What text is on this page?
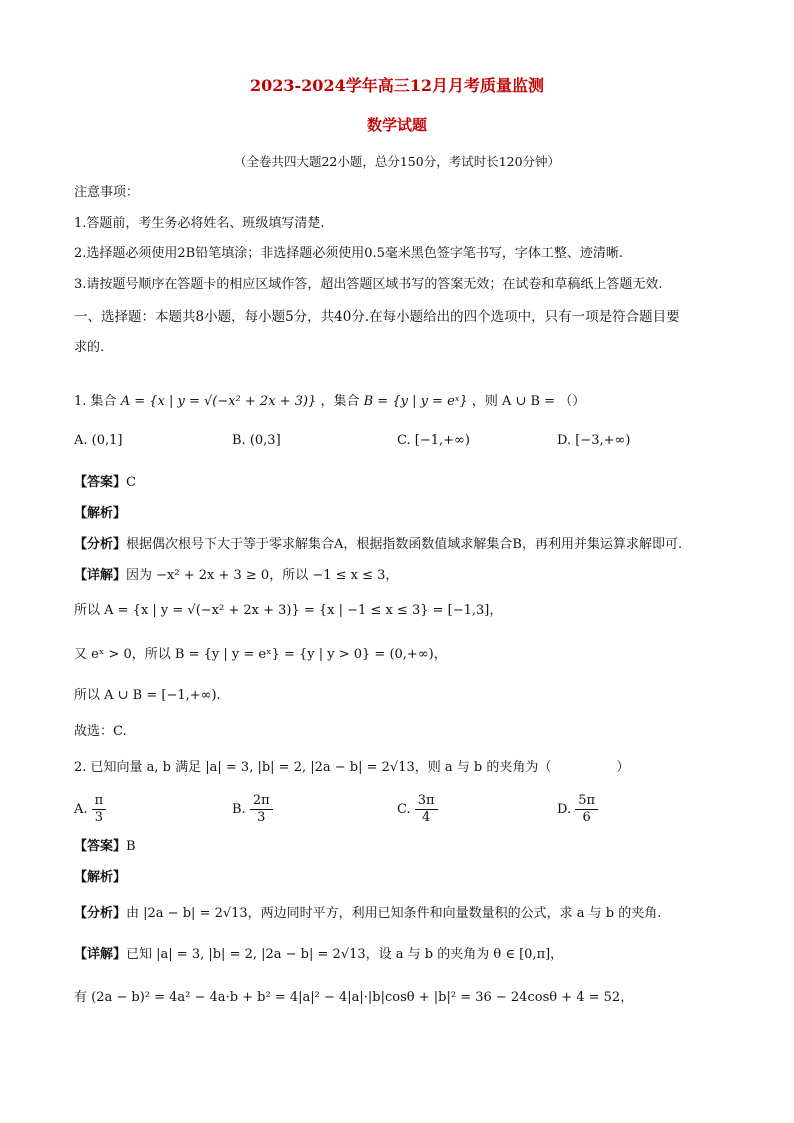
2023-2024学年高三12月月考质量监测
数学试题
（全卷共四大题22小题，总分150分，考试时长120分钟）
注意事项：
1.答题前，考生务必将姓名、班级填写清楚.
2.选择题必须使用2B铅笔填涂；非选择题必须使用0.5毫米黑色签字笔书写，字体工整、迹清晰.
3.请按题号顺序在答题卡的相应区域作答，超出答题区域书写的答案无效；在试卷和草稿纸上答题无效.
一、选择题：本题共8小题，每小题5分，共40分.在每小题给出的四个选项中，只有一项是符合题目要
求的.
1. 集合 A = {x | y = √(−x² + 2x + 3)} ，集合 B = {y | y = eˣ} ，则 A ∪ B = （）
A. (0,1]	B. (0,3]	C. [−1,+∞)	D. [−3,+∞)
【答案】C
【解析】
【分析】根据偶次根号下大于等于零求解集合A，根据指数函数值域求解集合B，再利用并集运算求解即可.
【详解】因为 −x² + 2x + 3 ≥ 0，所以 −1 ≤ x ≤ 3，
所以 A = {x | y = √(−x² + 2x + 3)} = {x | −1 ≤ x ≤ 3} = [−1,3]，
又 eˣ > 0，所以 B = {y | y = eˣ} = {y | y > 0} = (0,+∞)，
所以 A ∪ B = [−1,+∞).
故选：C.
2. 已知向量 a, b 满足 |a| = 3, |b| = 2, |2a − b| = 2√13，则 a 与 b 的夹角为（　　　　　）
A. $\frac{\pi}{3}$	B. $\frac{2\pi}{3}$	C. $\frac{3\pi}{4}$	D. $\frac{5\pi}{6}$
【答案】B
【解析】
【分析】由 |2a − b| = 2√13，两边同时平方，利用已知条件和向量数量积的公式，求 a 与 b 的夹角.
【详解】已知 |a| = 3, |b| = 2, |2a − b| = 2√13，设 a 与 b 的夹角为 θ ∈ [0,π]，
有 (2a − b)² = 4a² − 4a·b + b² = 4|a|² − 4|a|·|b|cosθ + |b|² = 36 − 24cosθ + 4 = 52，
